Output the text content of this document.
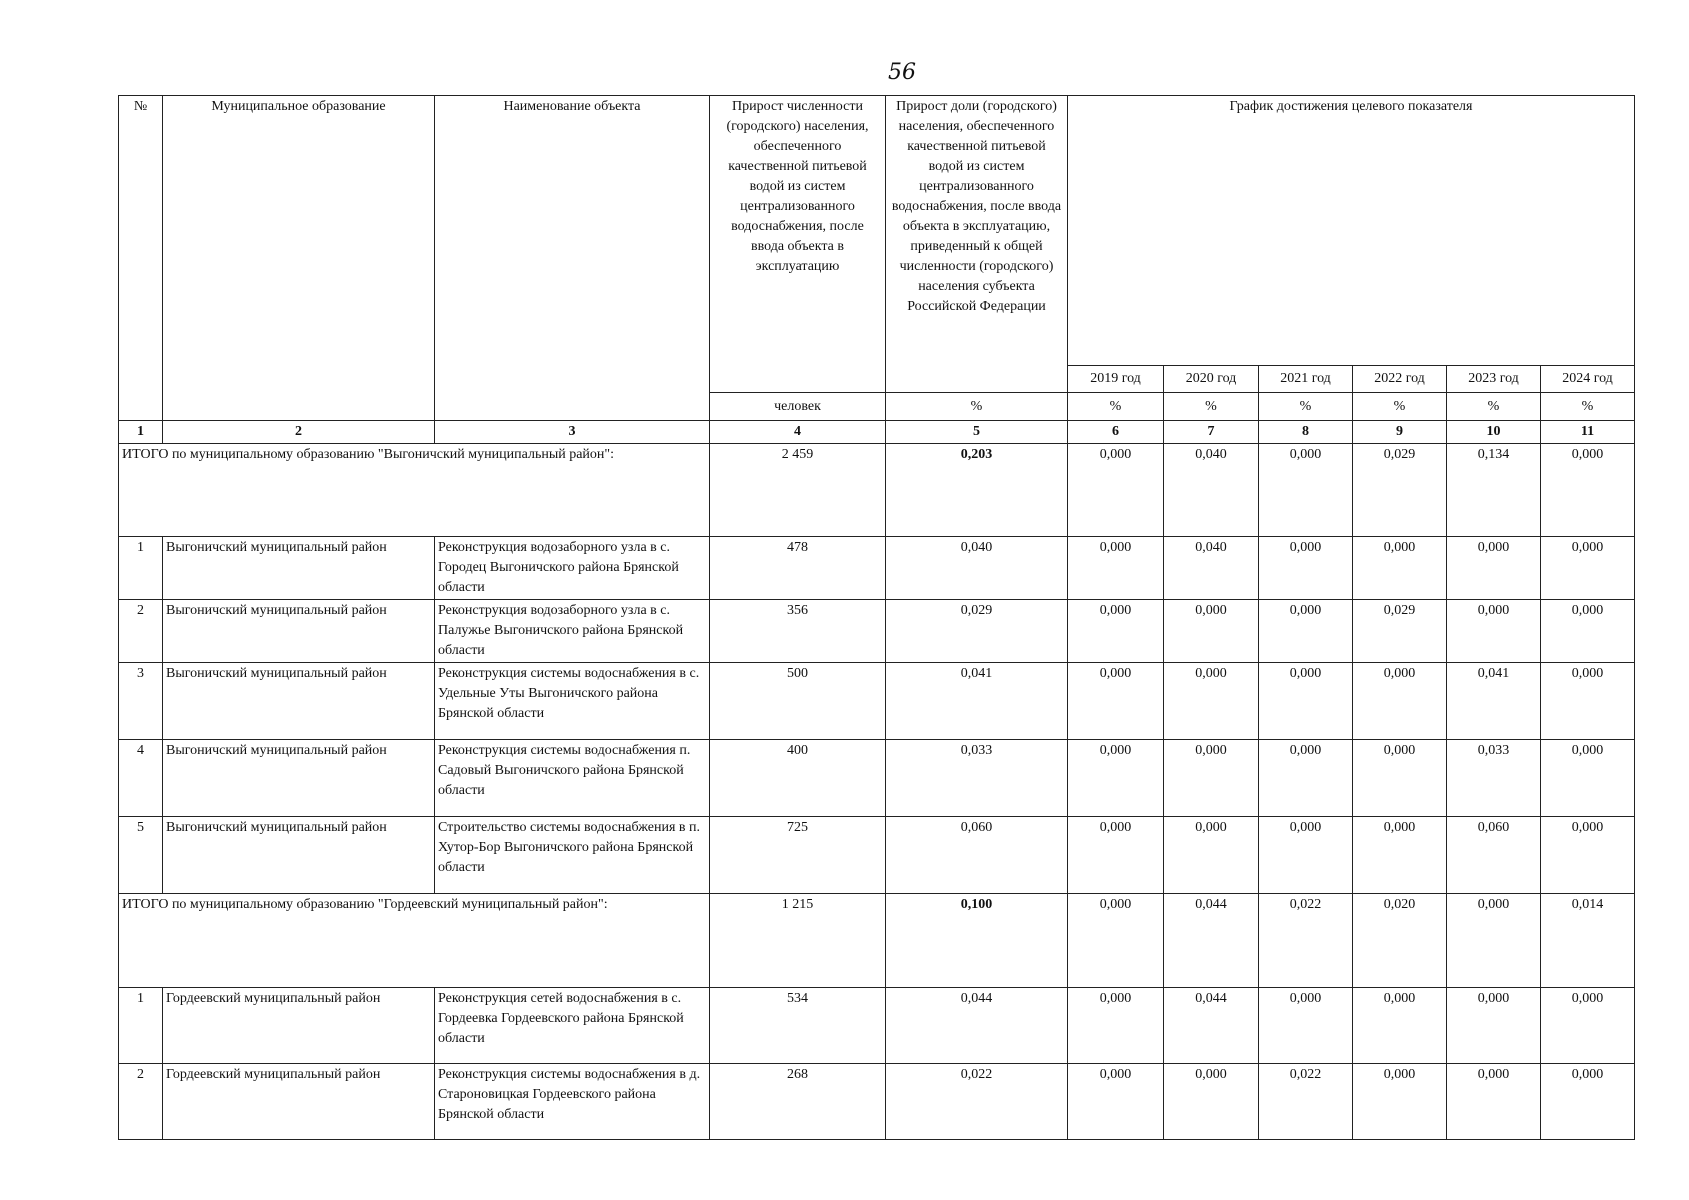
56
№	Муниципальное образование	Наименование объекта	Прирост численности (городского) населения, обеспеченного качественной питьевой водой из систем централизованного водоснабжения, после ввода объекта в эксплуатацию	Прирост доли (городского) населения, обеспеченного качественной питьевой водой из систем централизованного водоснабжения, после ввода объекта в эксплуатацию, приведенный к общей численности (городского) населения субъекта Российской Федерации	График достижения целевого показателя					
					2019 год	2020 год	2021 год	2022 год	2023 год	2024 год
			человек	%	%	%	%	%	%	%
1	2	3	4	5	6	7	8	9	10	11
ИТОГО по муниципальному образованию "Выгоничский муниципальный район":			2 459	0,203	0,000	0,040	0,000	0,029	0,134	0,000
1	Выгоничский муниципальный район	Реконструкция водозаборного узла в с. Городец Выгоничского района Брянской области	478	0,040	0,000	0,040	0,000	0,000	0,000	0,000
2	Выгоничский муниципальный район	Реконструкция водозаборного узла в с. Палужье Выгоничского района Брянской области	356	0,029	0,000	0,000	0,000	0,029	0,000	0,000
3	Выгоничский муниципальный район	Реконструкция системы водоснабжения в с. Удельные Уты Выгоничского района Брянской области	500	0,041	0,000	0,000	0,000	0,000	0,041	0,000
4	Выгоничский муниципальный район	Реконструкция системы водоснабжения п. Садовый Выгоничского района Брянской области	400	0,033	0,000	0,000	0,000	0,000	0,033	0,000
5	Выгоничский муниципальный район	Строительство системы водоснабжения в п. Хутор-Бор Выгоничского района Брянской области	725	0,060	0,000	0,000	0,000	0,000	0,060	0,000
ИТОГО по муниципальному образованию "Гордеевский муниципальный район":			1 215	0,100	0,000	0,044	0,022	0,020	0,000	0,014
1	Гордеевский муниципальный район	Реконструкция сетей водоснабжения в с. Гордеевка Гордеевского района Брянской области	534	0,044	0,000	0,044	0,000	0,000	0,000	0,000
2	Гордеевский муниципальный район	Реконструкция системы водоснабжения в д. Староновицкая Гордеевского района Брянской области	268	0,022	0,000	0,000	0,022	0,000	0,000	0,000
